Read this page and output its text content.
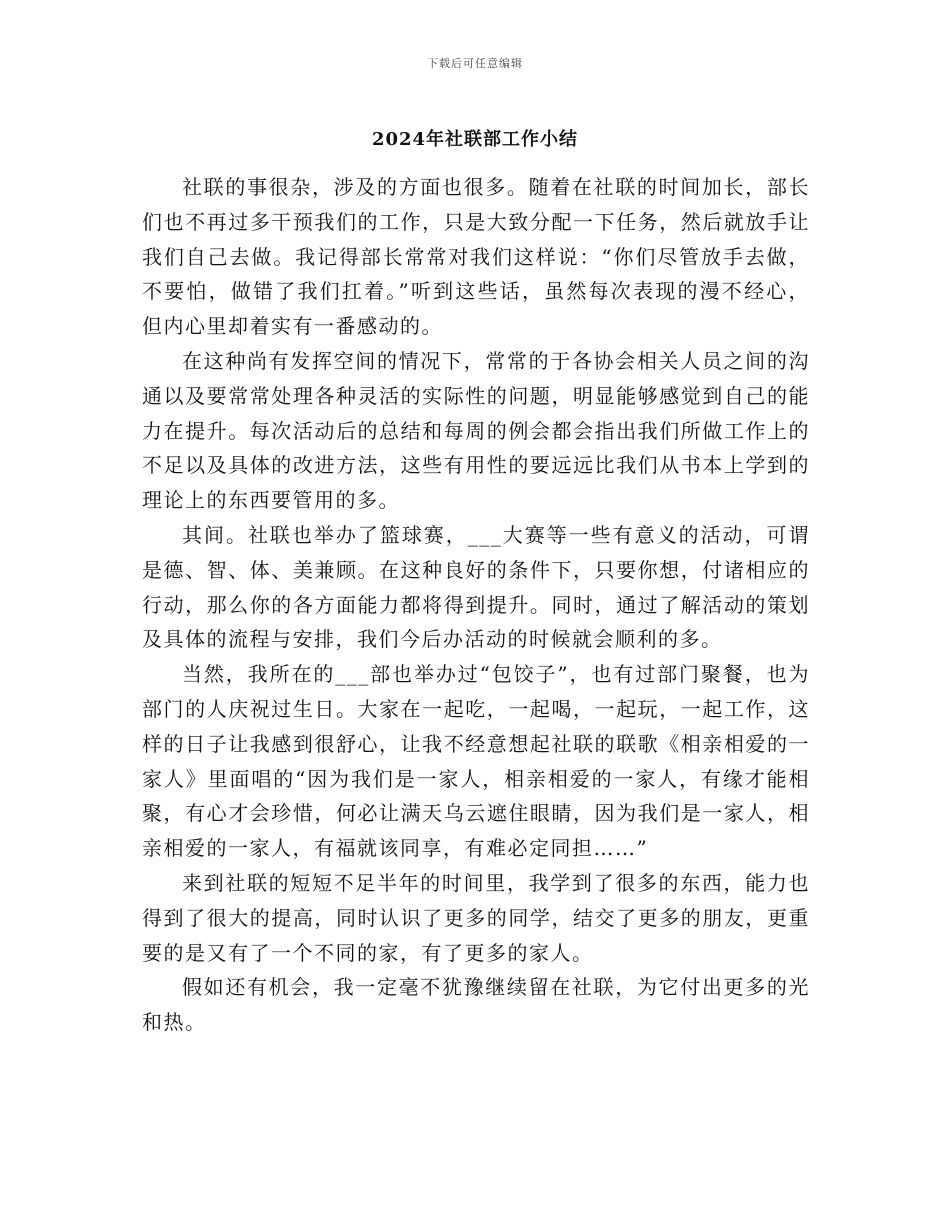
下载后可任意编辑
2024年社联部工作小结

社联的事很杂，涉及的方面也很多。随着在社联的时间加长，部长们也不再过多干预我们的工作，只是大致分配一下任务，然后就放手让我们自己去做。我记得部长常常对我们这样说：“你们尽管放手去做，不要怕，做错了我们扛着。”听到这些话，虽然每次表现的漫不经心，但内心里却着实有一番感动的。

在这种尚有发挥空间的情况下，常常的于各协会相关人员之间的沟通以及要常常处理各种灵活的实际性的问题，明显能够感觉到自己的能力在提升。每次活动后的总结和每周的例会都会指出我们所做工作上的不足以及具体的改进方法，这些有用性的要远远比我们从书本上学到的理论上的东西要管用的多。

其间。社联也举办了篮球赛，___大赛等一些有意义的活动，可谓是德、智、体、美兼顾。在这种良好的条件下，只要你想，付诸相应的行动，那么你的各方面能力都将得到提升。同时，通过了解活动的策划及具体的流程与安排，我们今后办活动的时候就会顺利的多。

当然，我所在的___部也举办过“包饺子”，也有过部门聚餐，也为部门的人庆祝过生日。大家在一起吃，一起喝，一起玩，一起工作，这样的日子让我感到很舒心，让我不经意想起社联的联歌《相亲相爱的一家人》里面唱的“因为我们是一家人，相亲相爱的一家人，有缘才能相聚，有心才会珍惜，何必让满天乌云遮住眼睛，因为我们是一家人，相亲相爱的一家人，有福就该同享，有难必定同担……”

来到社联的短短不足半年的时间里，我学到了很多的东西，能力也得到了很大的提高，同时认识了更多的同学，结交了更多的朋友，更重要的是又有了一个不同的家，有了更多的家人。

假如还有机会，我一定毫不犹豫继续留在社联，为它付出更多的光和热。
